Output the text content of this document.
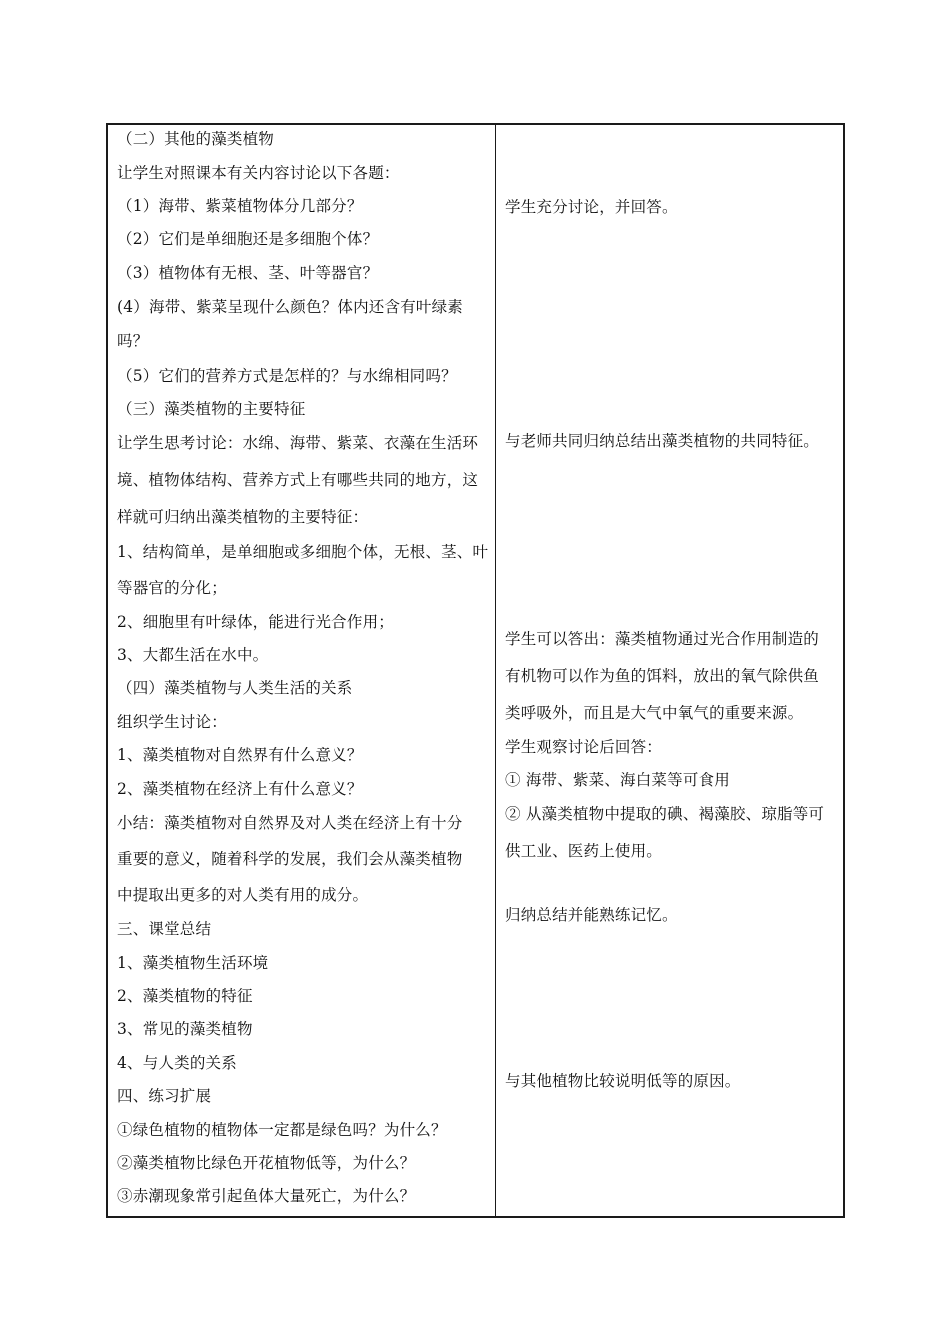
（二）其他的藻类植物
让学生对照课本有关内容讨论以下各题：
（1）海带、紫菜植物体分几部分？
（2）它们是单细胞还是多细胞个体？
（3）植物体有无根、茎、叶等器官？
(4）海带、紫菜呈现什么颜色？体内还含有叶绿素
吗？
（5）它们的营养方式是怎样的？与水绵相同吗？
（三）藻类植物的主要特征
让学生思考讨论：水绵、海带、紫菜、衣藻在生活环
境、植物体结构、营养方式上有哪些共同的地方，这
样就可归纳出藻类植物的主要特征：
1、结构简单，是单细胞或多细胞个体，无根、茎、叶
等器官的分化；
2、细胞里有叶绿体，能进行光合作用；
3、大都生活在水中。
（四）藻类植物与人类生活的关系
组织学生讨论：
1、藻类植物对自然界有什么意义？
2、藻类植物在经济上有什么意义？
小结：藻类植物对自然界及对人类在经济上有十分
重要的意义，随着科学的发展，我们会从藻类植物
中提取出更多的对人类有用的成分。
三、课堂总结
1、藻类植物生活环境
2、藻类植物的特征
3、常见的藻类植物
4、与人类的关系
四、练习扩展
①绿色植物的植物体一定都是绿色吗？为什么？
②藻类植物比绿色开花植物低等，为什么？
③赤潮现象常引起鱼体大量死亡，为什么？
学生充分讨论，并回答。
与老师共同归纳总结出藻类植物的共同特征。
学生可以答出：藻类植物通过光合作用制造的
有机物可以作为鱼的饵料，放出的氧气除供鱼
类呼吸外，而且是大气中氧气的重要来源。
学生观察讨论后回答：
① 海带、紫菜、海白菜等可食用
② 从藻类植物中提取的碘、褐藻胶、琼脂等可
供工业、医药上使用。
归纳总结并能熟练记忆。
与其他植物比较说明低等的原因。
